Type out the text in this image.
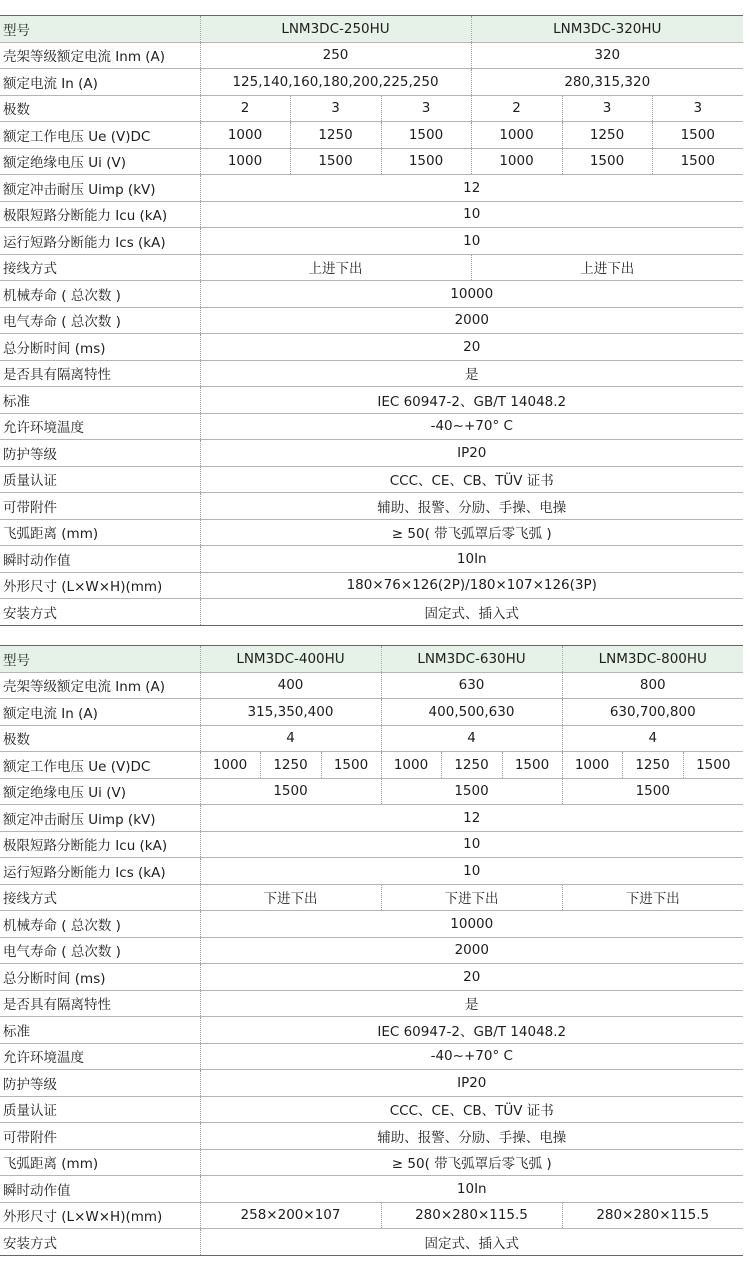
型号	LNM3DC-250HU			LNM3DC-320HU		
壳架等级额定电流 Inm (A)	250			320		
额定电流 In (A)	125,140,160,180,200,225,250			280,315,320		
极数	2	3	3	2	3	3
额定工作电压 Ue (V)DC	1000	1250	1500	1000	1250	1500
额定绝缘电压 Ui (V)	1000	1500	1500	1000	1500	1500
额定冲击耐压 Uimp (kV)	12					
极限短路分断能力 Icu (kA)	10					
运行短路分断能力 Ics (kA)	10					
接线方式	上进下出			上进下出		
机械寿命 ( 总次数 )	10000					
电气寿命 ( 总次数 )	2000					
总分断时间 (ms)	20					
是否具有隔离特性	是					
标准	IEC 60947-2、GB/T 14048.2					
允许环境温度	-40~+70° C					
防护等级	IP20					
质量认证	CCC、CE、CB、TÜV 证书					
可带附件	辅助、报警、分励、手操、电操					
飞弧距离 (mm)	≥ 50( 带飞弧罩后零飞弧 )					
瞬时动作值	10In					
外形尺寸 (L×W×H)(mm)	180×76×126(2P)/180×107×126(3P)					
安装方式	固定式、插入式					
型号	LNM3DC-400HU			LNM3DC-630HU			LNM3DC-800HU		
壳架等级额定电流 Inm (A)	400			630			800		
额定电流 In (A)	315,350,400			400,500,630			630,700,800		
极数	4			4			4		
额定工作电压 Ue (V)DC	1000	1250	1500	1000	1250	1500	1000	1250	1500
额定绝缘电压 Ui (V)	1500			1500			1500		
额定冲击耐压 Uimp (kV)	12								
极限短路分断能力 Icu (kA)	10								
运行短路分断能力 Ics (kA)	10								
接线方式	下进下出			下进下出			下进下出		
机械寿命 ( 总次数 )	10000								
电气寿命 ( 总次数 )	2000								
总分断时间 (ms)	20								
是否具有隔离特性	是								
标准	IEC 60947-2、GB/T 14048.2								
允许环境温度	-40~+70° C								
防护等级	IP20								
质量认证	CCC、CE、CB、TÜV 证书								
可带附件	辅助、报警、分励、手操、电操								
飞弧距离 (mm)	≥ 50( 带飞弧罩后零飞弧 )								
瞬时动作值	10In								
外形尺寸 (L×W×H)(mm)	258×200×107			280×280×115.5			280×280×115.5		
安装方式	固定式、插入式								
